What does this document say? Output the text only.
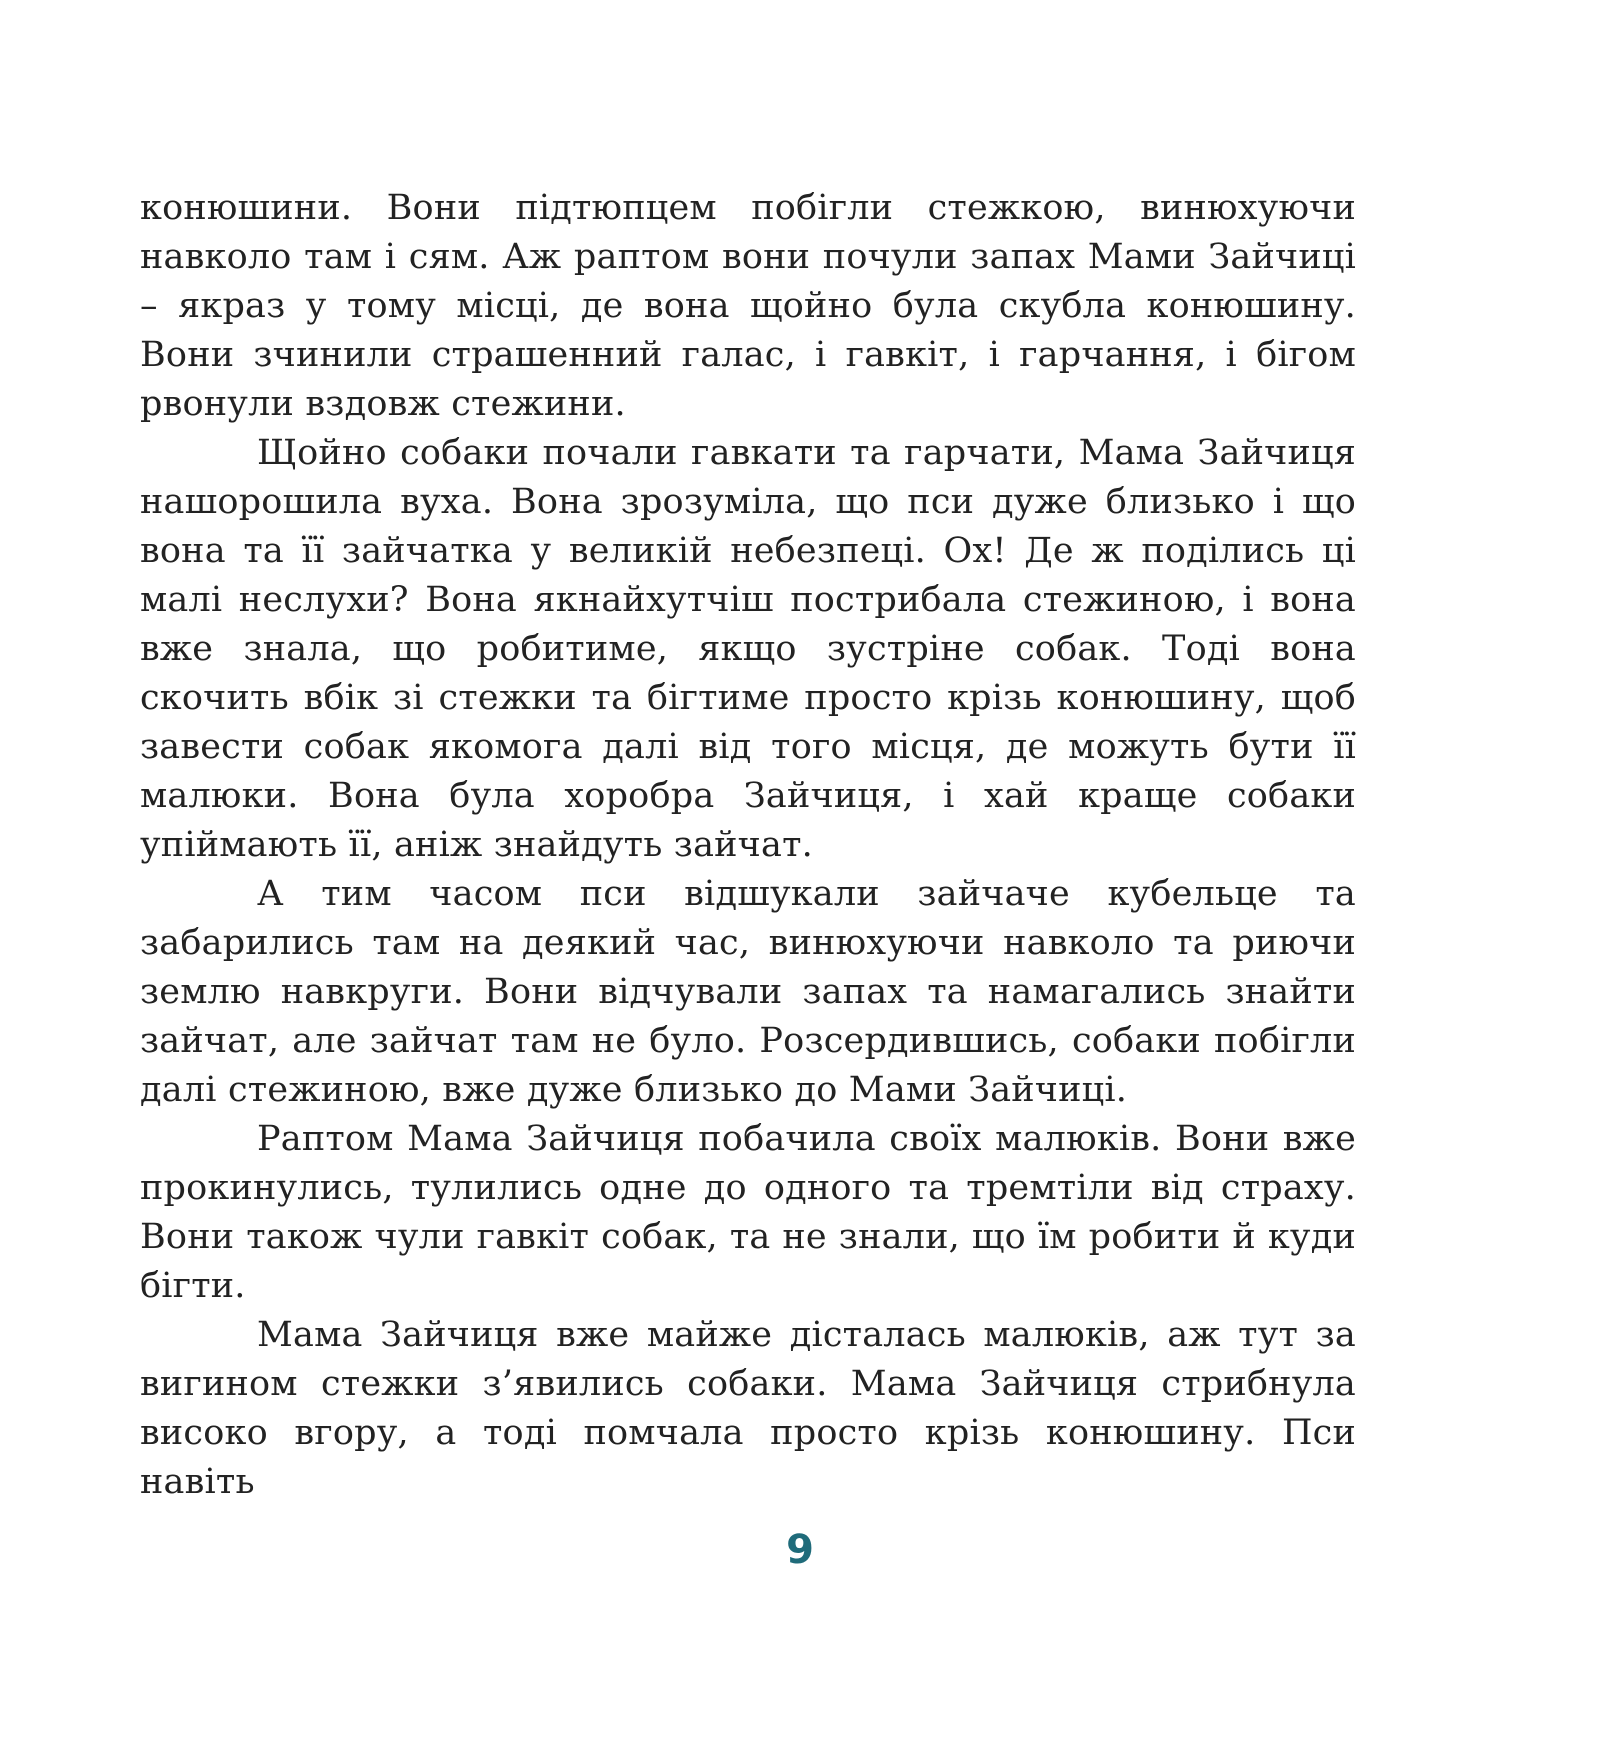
конюшини. Вони підтюпцем побігли стежкою, винюхуючи навколо там і сям. Аж раптом вони почули запах Мами Зайчиці – якраз у тому місці, де вона щойно була скубла конюшину. Вони зчинили страшенний галас, і гавкіт, і гарчання, і бігом рвонули вздовж стежини.

Щойно собаки почали гавкати та гарчати, Мама Зайчиця нашорошила вуха. Вона зрозуміла, що пси дуже близько і що вона та її зайчатка у великій небезпеці. Ох! Де ж поділись ці малі неслухи? Вона якнайхутчіш пострибала стежиною, і вона вже знала, що робитиме, якщо зустріне собак. Тоді вона скочить вбік зі стежки та бігтиме просто крізь конюшину, щоб завести собак якомога далі від того місця, де можуть бути її малюки. Вона була хоробра Зайчиця, і хай краще собаки упіймають її, аніж знайдуть зайчат.

А тим часом пси відшукали зайчаче кубельце та забарились там на деякий час, винюхуючи навколо та риючи землю навкруги. Вони відчували запах та намагались знайти зайчат, але зайчат там не було. Розсердившись, собаки побігли далі стежиною, вже дуже близько до Мами Зайчиці.

Раптом Мама Зайчиця побачила своїх малюків. Вони вже прокинулись, тулились одне до одного та тремтіли від страху. Вони також чули гавкіт собак, та не знали, що їм робити й куди бігти.

Мама Зайчиця вже майже дісталась малюків, аж тут за вигином стежки з’явились собаки. Мама Зайчиця стрибнула високо вгору, а тоді помчала просто крізь конюшину. Пси навіть

9
